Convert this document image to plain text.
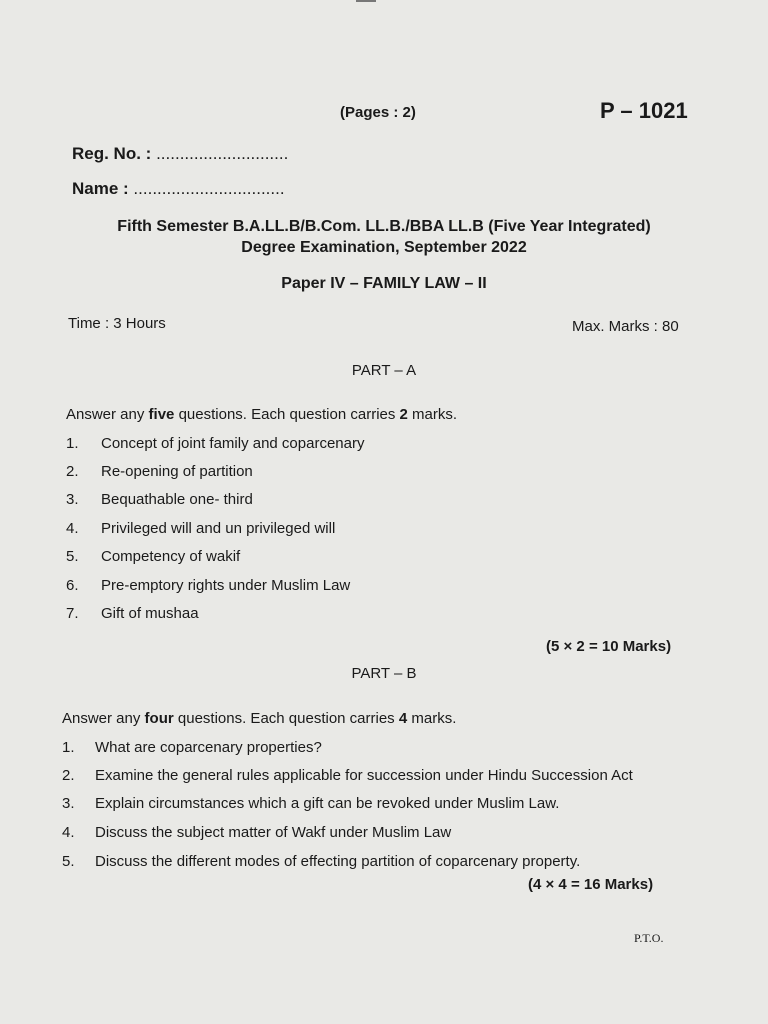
(Pages : 2)	P – 1021
Reg. No. : ............................
Name : ................................
Fifth Semester B.A.LL.B/B.Com. LL.B./BBA LL.B (Five Year Integrated)
Degree Examination, September 2022
Paper IV – FAMILY LAW – II
Time : 3 Hours	Max. Marks : 80
PART – A
Answer any five questions. Each question carries 2 marks.
1. Concept of joint family and coparcenary
2. Re-opening of partition
3. Bequathable one- third
4. Privileged will and un privileged will
5. Competency of wakif
6. Pre-emptory rights under Muslim Law
7. Gift of mushaa
(5 × 2 = 10 Marks)
PART – B
Answer any four questions. Each question carries 4 marks.
1. What are coparcenary properties?
2. Examine the general rules applicable for succession under Hindu Succession Act
3. Explain circumstances which a gift can be revoked under Muslim Law.
4. Discuss the subject matter of Wakf under Muslim Law
5. Discuss the different modes of effecting partition of coparcenary property.
(4 × 4 = 16 Marks)
P.T.O.
